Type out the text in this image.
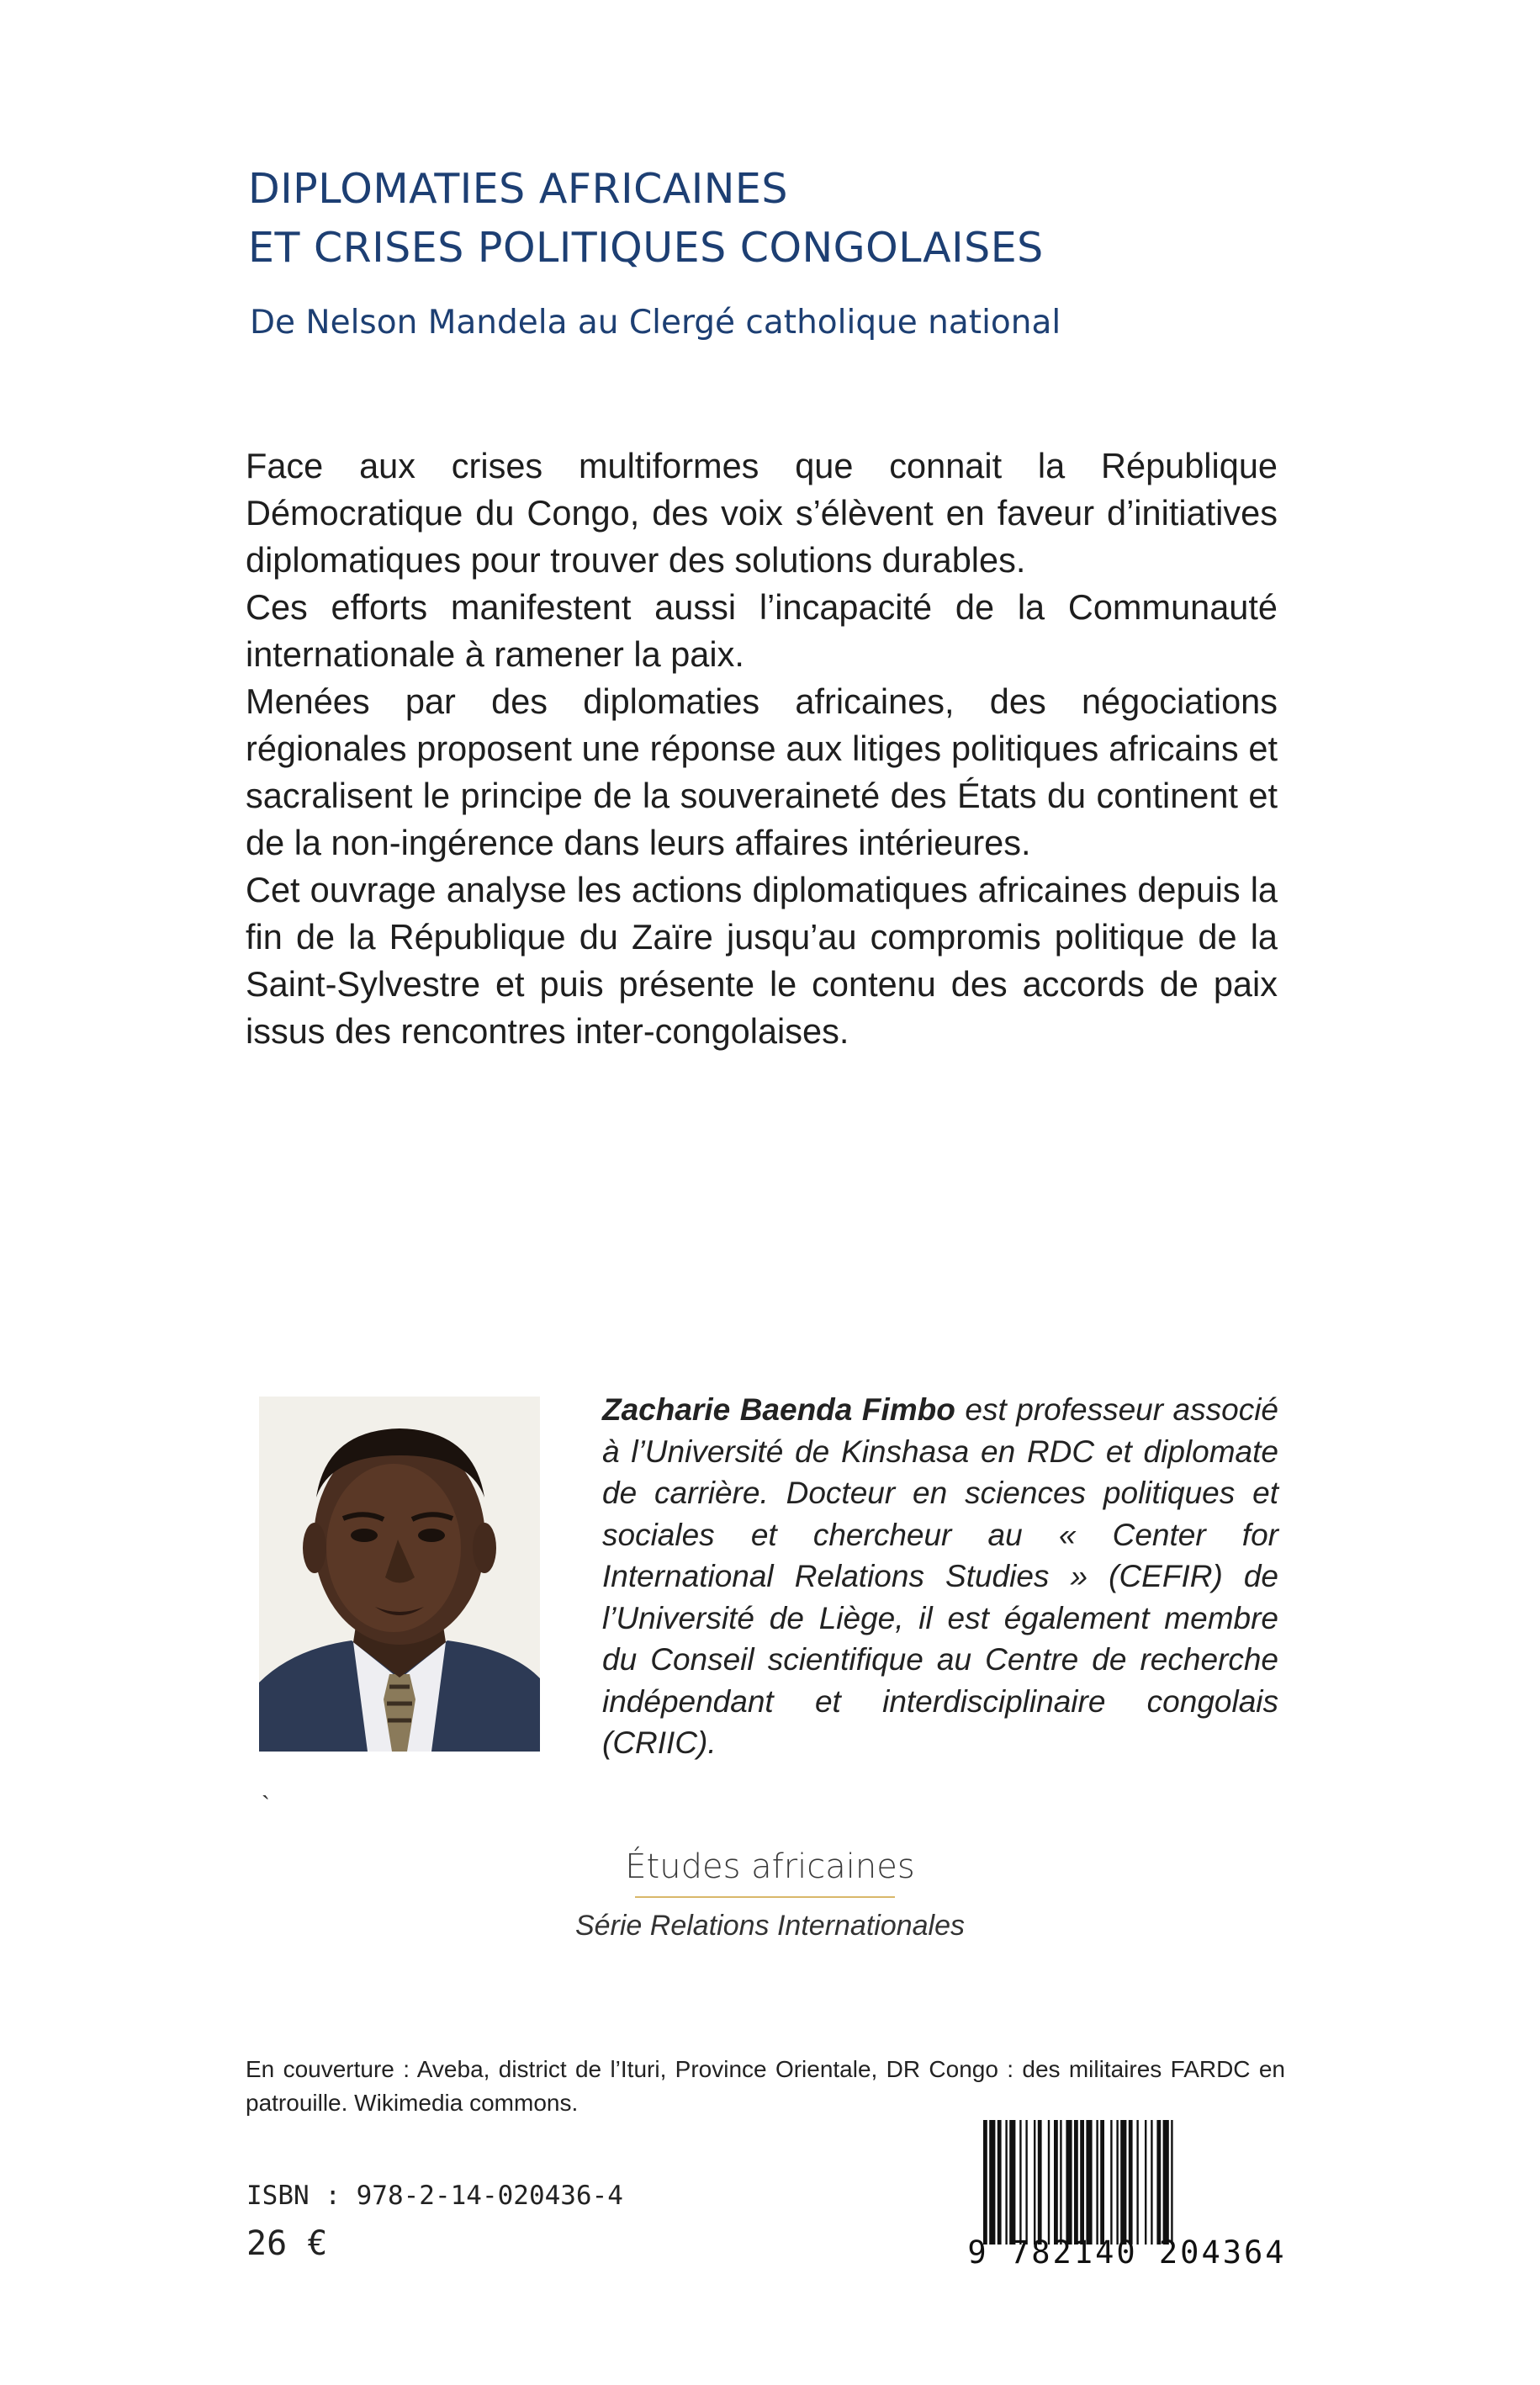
DIPLOMATIES AFRICAINES
ET CRISES POLITIQUES CONGOLAISES
De Nelson Mandela au Clergé catholique national

Face aux crises multiformes que connait la République Démocratique du Congo, des voix s’élèvent en faveur d’initiatives diplomatiques pour trouver des solutions durables.

Ces efforts manifestent aussi l’incapacité de la Communauté internationale à ramener la paix.

Menées par des diplomaties africaines, des négociations régionales proposent une réponse aux litiges politiques africains et sacralisent le principe de la souveraineté des États du continent et de la non-ingérence dans leurs affaires intérieures.

Cet ouvrage analyse les actions diplomatiques africaines depuis la fin de la République du Zaïre jusqu’au compromis politique de la Saint-Sylvestre et puis présente le contenu des accords de paix issus des rencontres inter-congolaises.

Zacharie Baenda Fimbo est professeur associé à l’Université de Kinshasa en RDC et diplomate de carrière. Docteur en sciences politiques et sociales et chercheur au « Center for International Relations Studies » (CEFIR) de l’Université de Liège, il est également membre du Conseil scientifique au Centre de recherche indépendant et interdisciplinaire congolais (CRIIC).

`
Études africaines
Série Relations Internationales

En couverture : Aveba, district de l’Ituri, Province Orientale, DR Congo : des militaires FARDC en patrouille. Wikimedia commons.

ISBN : 978-2-14-020436-4
26 €	9 782140 204364
